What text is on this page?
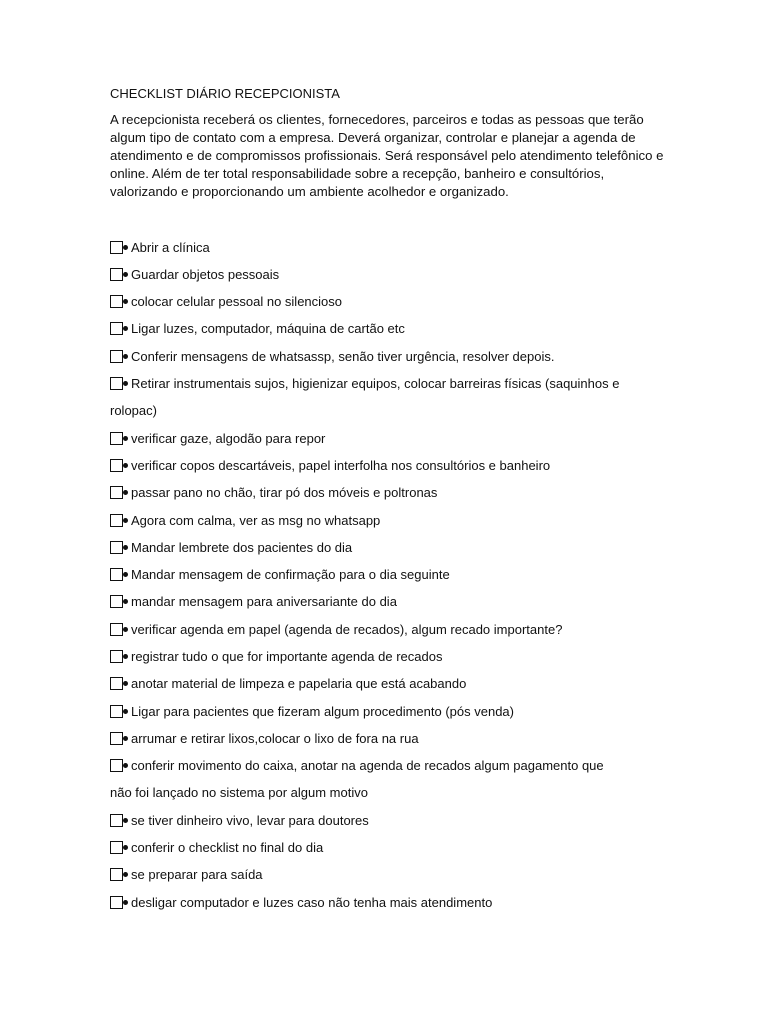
CHECKLIST DIÁRIO RECEPCIONISTA

A recepcionista receberá os clientes, fornecedores, parceiros e todas as pessoas que terão algum tipo de contato com a empresa. Deverá organizar, controlar e planejar a agenda de atendimento e de compromissos profissionais. Será responsável pelo atendimento telefônico e online. Além de ter total responsabilidade sobre a recepção, banheiro e consultórios, valorizando e proporcionando um ambiente acolhedor e organizado.

Abrir a clínica
Guardar objetos pessoais
colocar celular pessoal no silencioso
Ligar luzes, computador, máquina de cartão etc
Conferir mensagens de whatsassp, senão tiver urgência, resolver depois.
Retirar instrumentais sujos, higienizar equipos, colocar barreiras físicas (saquinhos e
rolopac)
verificar gaze, algodão para repor
verificar copos descartáveis, papel interfolha nos consultórios e banheiro
passar pano no chão, tirar pó dos móveis e poltronas
Agora com calma, ver as msg no whatsapp
Mandar lembrete dos pacientes do dia
Mandar mensagem de confirmação para o dia seguinte
mandar mensagem para aniversariante do dia
verificar agenda em papel (agenda de recados), algum recado importante?
registrar tudo o que for importante agenda de recados
anotar material de limpeza e papelaria que está acabando
Ligar para pacientes que fizeram algum procedimento (pós venda)
arrumar e retirar lixos,colocar o lixo de fora na rua
conferir movimento do caixa, anotar na agenda de recados algum pagamento que
não foi lançado no sistema por algum motivo
se tiver dinheiro vivo, levar para doutores
conferir o checklist no final do dia
se preparar para saída
desligar computador e luzes caso não tenha mais atendimento
